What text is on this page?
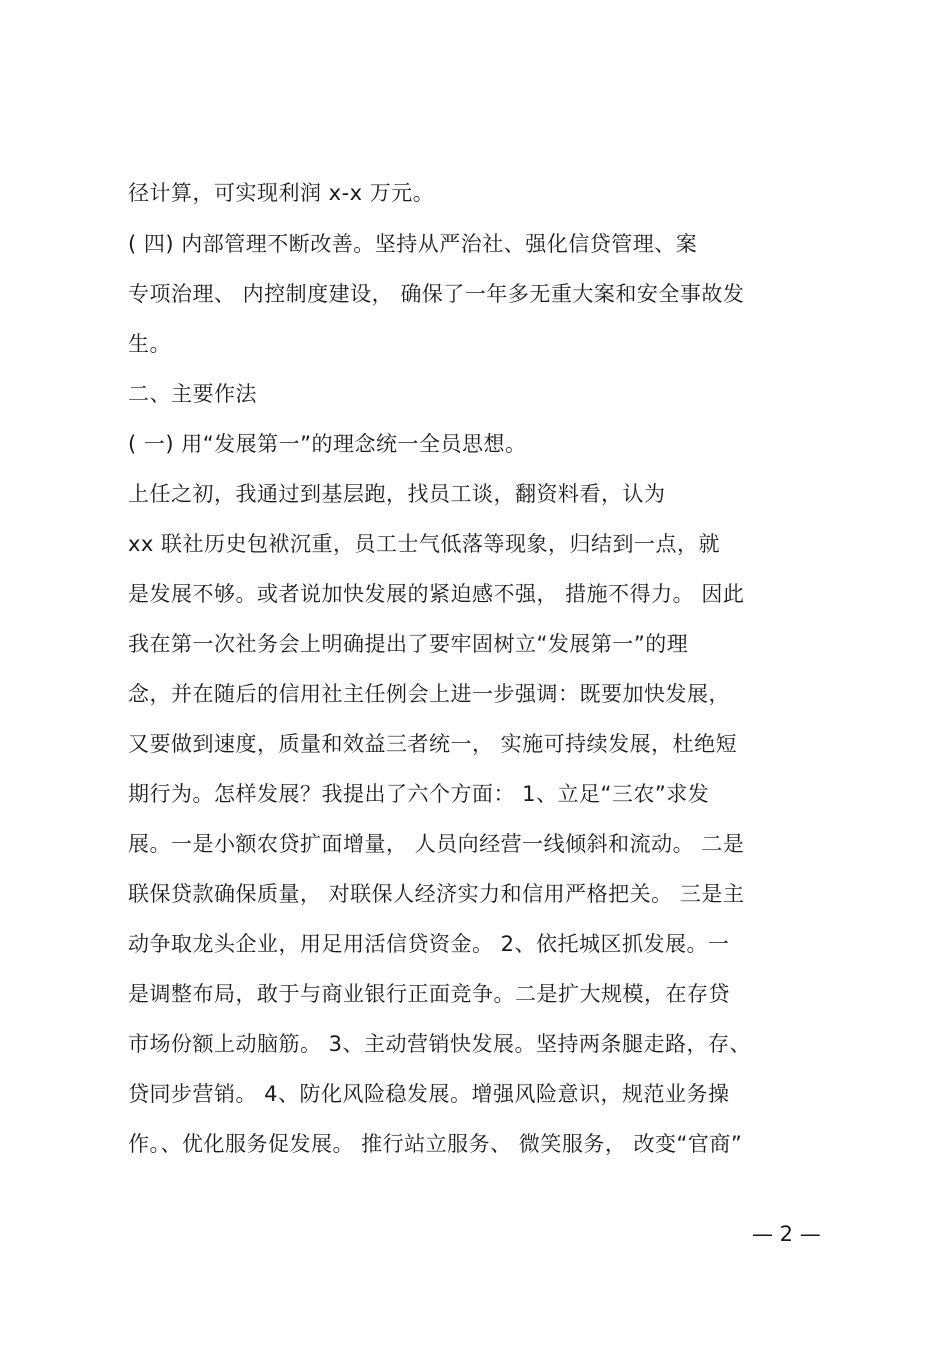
径计算，可实现利润 x-x 万元。
( 四) 内部管理不断改善。坚持从严治社、强化信贷管理、案
专项治理、 内控制度建设， 确保了一年多无重大案和安全事故发
生。
二、主要作法
( 一) 用“发展第一”的理念统一全员思想。
上任之初，我通过到基层跑，找员工谈，翻资料看，认为
xx 联社历史包袱沉重，员工士气低落等现象，归结到一点，就
是发展不够。或者说加快发展的紧迫感不强， 措施不得力。 因此
我在第一次社务会上明确提出了要牢固树立“发展第一”的理
念，并在随后的信用社主任例会上进一步强调：既要加快发展，
又要做到速度，质量和效益三者统一， 实施可持续发展，杜绝短
期行为。怎样发展？我提出了六个方面： 1、立足“三农”求发
展。一是小额农贷扩面增量， 人员向经营一线倾斜和流动。 二是
联保贷款确保质量， 对联保人经济实力和信用严格把关。 三是主
动争取龙头企业，用足用活信贷资金。 2、依托城区抓发展。一
是调整布局，敢于与商业银行正面竞争。二是扩大规模，在存贷
市场份额上动脑筋。 3、主动营销快发展。坚持两条腿走路，存、
贷同步营销。 4、防化风险稳发展。增强风险意识，规范业务操
作。、优化服务促发展。 推行站立服务、 微笑服务， 改变“官商”
— 2 —
